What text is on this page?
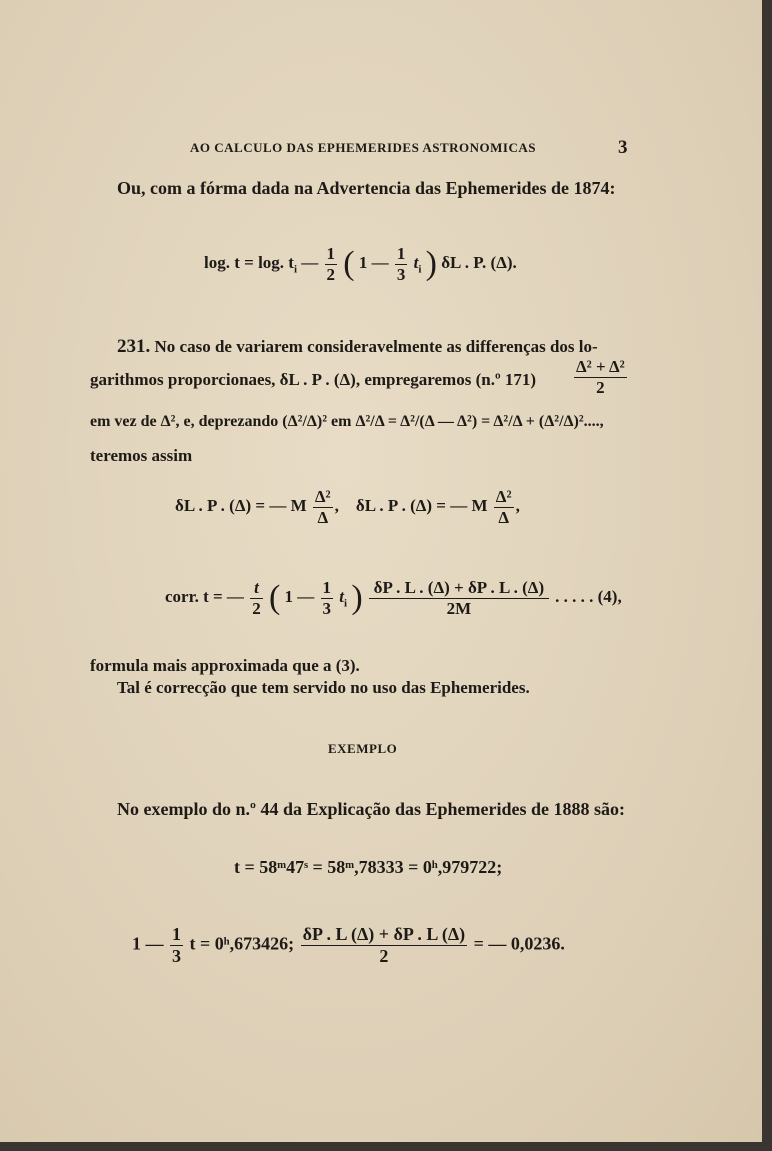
AO CALCULO DAS EPHEMERIDES ASTRONOMICAS	3
Ou, com a fórma dada na Advertencia das Ephemerides de 1874:
log. t = log. $t_i$ — $\frac{1}{2}$ ( 1 — $\frac{1}{3} t_i$ ) δL . P. (Δ).
231. No caso de variarem consideravelmente as differenças dos lo-
garithmos proporcionaes, δL . P . (Δ), empregaremos (n.º $171) \frac{\text{Δ² + Δ²}}{2}$
em vez de Δ², e, deprezando (Δ²/Δ)² em Δ²/Δ = Δ²/(Δ — Δ²) = Δ²/Δ + (Δ²/Δ)²....,
teremos assim
δL . P . (Δ) = — M $\frac{\text{Δ²}}{\Delta}$ , δL . P . (Δ) = — M $\frac{\text{Δ²}}{\Delta}$ ,
corr. t = — $\frac{t}{2}$ ( 1 — $\frac{1}{3} t_i$ ) $\frac{\delta P . L . (\Delta) + \delta P . L . (\Delta)}{2M}$ . . . . . (4),
formula mais approximada que a (3).
Tal é correcção que tem servido no uso das Ephemerides.
EXEMPLO
No exemplo do n.º 44 da Explicação das Ephemerides de 1888 são:
t = 58ᵐ47ˢ = 58ᵐ,78333 = 0ʰ,979722;
1 — $\frac{1}{3}$ t = 0ʰ,673426; $\frac{\delta P . L (\Delta) + \delta P . L (\Delta)}{2}$ = — 0,0236.
